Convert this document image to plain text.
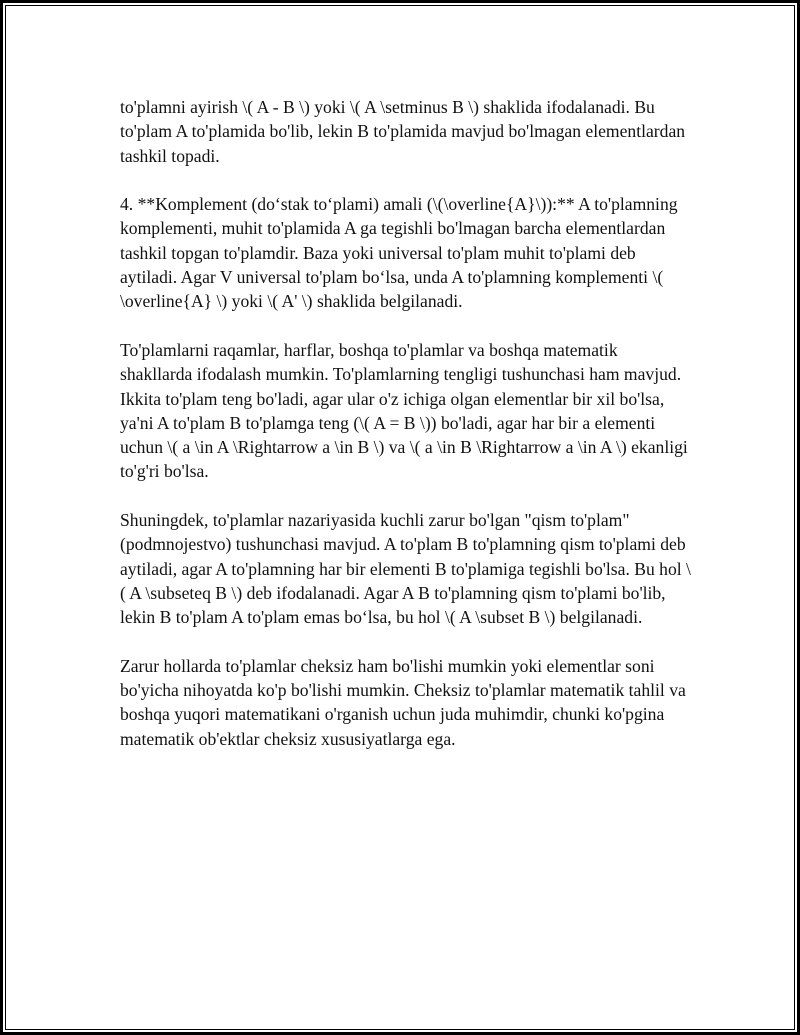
to'plamni ayirish \( A - B \) yoki \( A \setminus B \) shaklida ifodalanadi. Bu to'plam A to'plamida bo'lib, lekin B to'plamida mavjud bo'lmagan elementlardan tashkil topadi.

4. **Komplement (do‘stak to‘plami) amali (\(\overline{A}\)):** A to'plamning komplementi, muhit to'plamida A ga tegishli bo'lmagan barcha elementlardan tashkil topgan to'plamdir. Baza yoki universal to'plam muhit to'plami deb aytiladi. Agar V universal to'plam bo‘lsa, unda A to'plamning komplementi \( \overline{A} \) yoki \( A' \) shaklida belgilanadi.

To'plamlarni raqamlar, harflar, boshqa to'plamlar va boshqa matematik shakllarda ifodalash mumkin. To'plamlarning tengligi tushunchasi ham mavjud. Ikkita to'plam teng bo'ladi, agar ular o'z ichiga olgan elementlar bir xil bo'lsa, ya'ni A to'plam B to'plamga teng (\( A = B \)) bo'ladi, agar har bir a elementi uchun \( a \in A \Rightarrow a \in B \) va \( a \in B \Rightarrow a \in A \) ekanligi to'g'ri bo'lsa.

Shuningdek, to'plamlar nazariyasida kuchli zarur bo'lgan "qism to'plam" (podmnojestvo) tushunchasi mavjud. A to'plam B to'plamning qism to'plami deb aytiladi, agar A to'plamning har bir elementi B to'plamiga tegishli bo'lsa. Bu hol \( A \subseteq B \) deb ifodalanadi. Agar A B to'plamning qism to'plami bo'lib, lekin B to'plam A to'plam emas bo‘lsa, bu hol \( A \subset B \) belgilanadi.

Zarur hollarda to'plamlar cheksiz ham bo'lishi mumkin yoki elementlar soni bo'yicha nihoyatda ko'p bo'lishi mumkin. Cheksiz to'plamlar matematik tahlil va boshqa yuqori matematikani o'rganish uchun juda muhimdir, chunki ko'pgina matematik ob'ektlar cheksiz xususiyatlarga ega.
